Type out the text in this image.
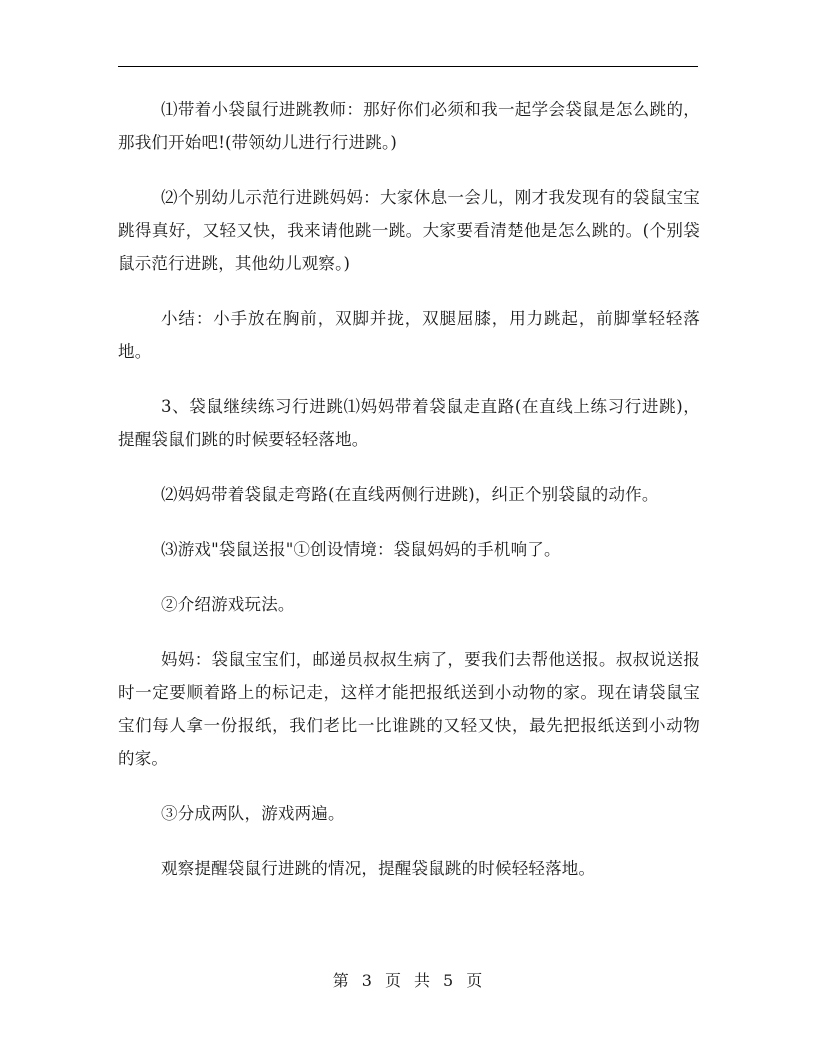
⑴带着小袋鼠行进跳教师：那好你们必须和我一起学会袋鼠是怎么跳的，那我们开始吧!(带领幼儿进行行进跳。)

⑵个别幼儿示范行进跳妈妈：大家休息一会儿，刚才我发现有的袋鼠宝宝跳得真好，又轻又快，我来请他跳一跳。大家要看清楚他是怎么跳的。(个别袋鼠示范行进跳，其他幼儿观察。)

小结：小手放在胸前，双脚并拢，双腿屈膝，用力跳起，前脚掌轻轻落地。

3、袋鼠继续练习行进跳⑴妈妈带着袋鼠走直路(在直线上练习行进跳)，提醒袋鼠们跳的时候要轻轻落地。

⑵妈妈带着袋鼠走弯路(在直线两侧行进跳)，纠正个别袋鼠的动作。

⑶游戏"袋鼠送报"①创设情境：袋鼠妈妈的手机响了。

②介绍游戏玩法。

妈妈：袋鼠宝宝们，邮递员叔叔生病了，要我们去帮他送报。叔叔说送报时一定要顺着路上的标记走，这样才能把报纸送到小动物的家。现在请袋鼠宝宝们每人拿一份报纸，我们老比一比谁跳的又轻又快，最先把报纸送到小动物的家。

③分成两队，游戏两遍。

观察提醒袋鼠行进跳的情况，提醒袋鼠跳的时候轻轻落地。

第 3 页 共 5 页
